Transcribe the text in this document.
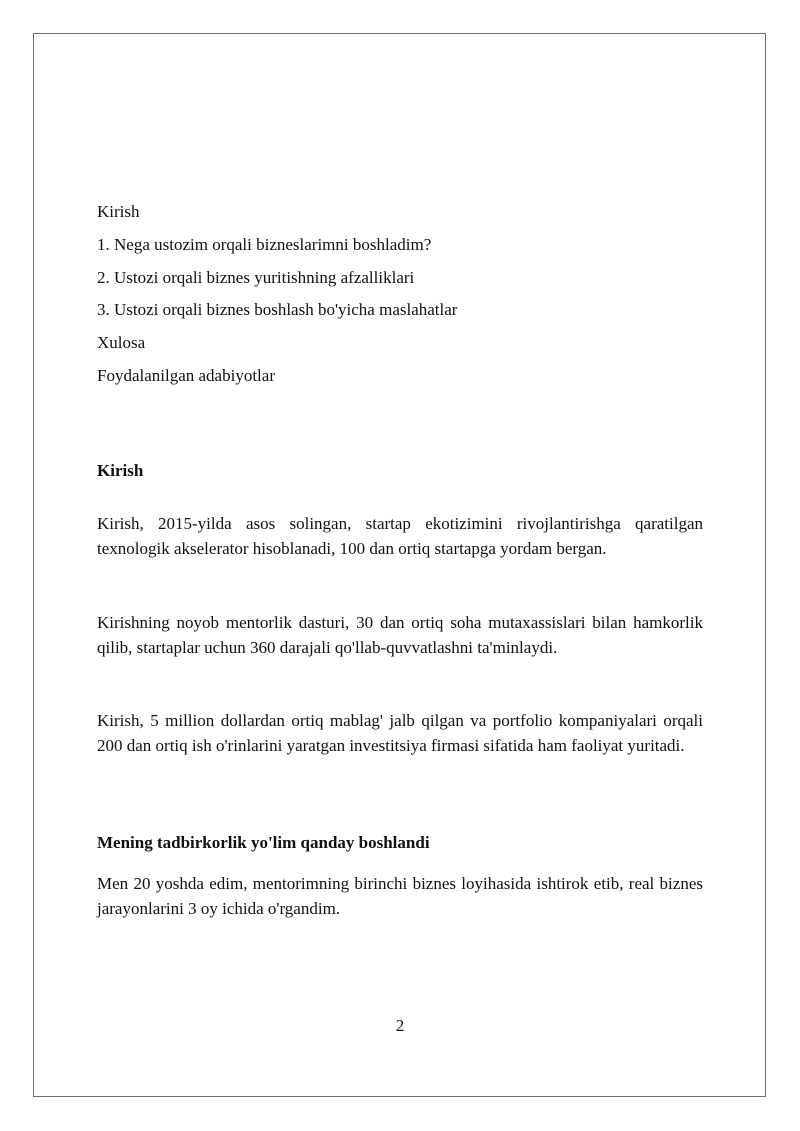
Kirish
1. Nega ustozim orqali bizneslarimni boshladim?
2. Ustozi orqali biznes yuritishning afzalliklari
3. Ustozi orqali biznes boshlash bo'yicha maslahatlar
Xulosa
Foydalanilgan adabiyotlar
Kirish
Kirish, 2015-yilda asos solingan, startap ekotizimini rivojlantirishga qaratilgan texnologik akselerator hisoblanadi, 100 dan ortiq startapga yordam bergan.
Kirishning noyob mentorlik dasturi, 30 dan ortiq soha mutaxassislari bilan hamkorlik qilib, startaplar uchun 360 darajali qo'llab-quvvatlashni ta'minlaydi.
Kirish, 5 million dollardan ortiq mablag' jalb qilgan va portfolio kompaniyalari orqali 200 dan ortiq ish o'rinlarini yaratgan investitsiya firmasi sifatida ham faoliyat yuritadi.
Mening tadbirkorlik yo'lim qanday boshlandi
Men 20 yoshda edim, mentorimning birinchi biznes loyihasida ishtirok etib, real biznes jarayonlarini 3 oy ichida o'rgandim.
2
